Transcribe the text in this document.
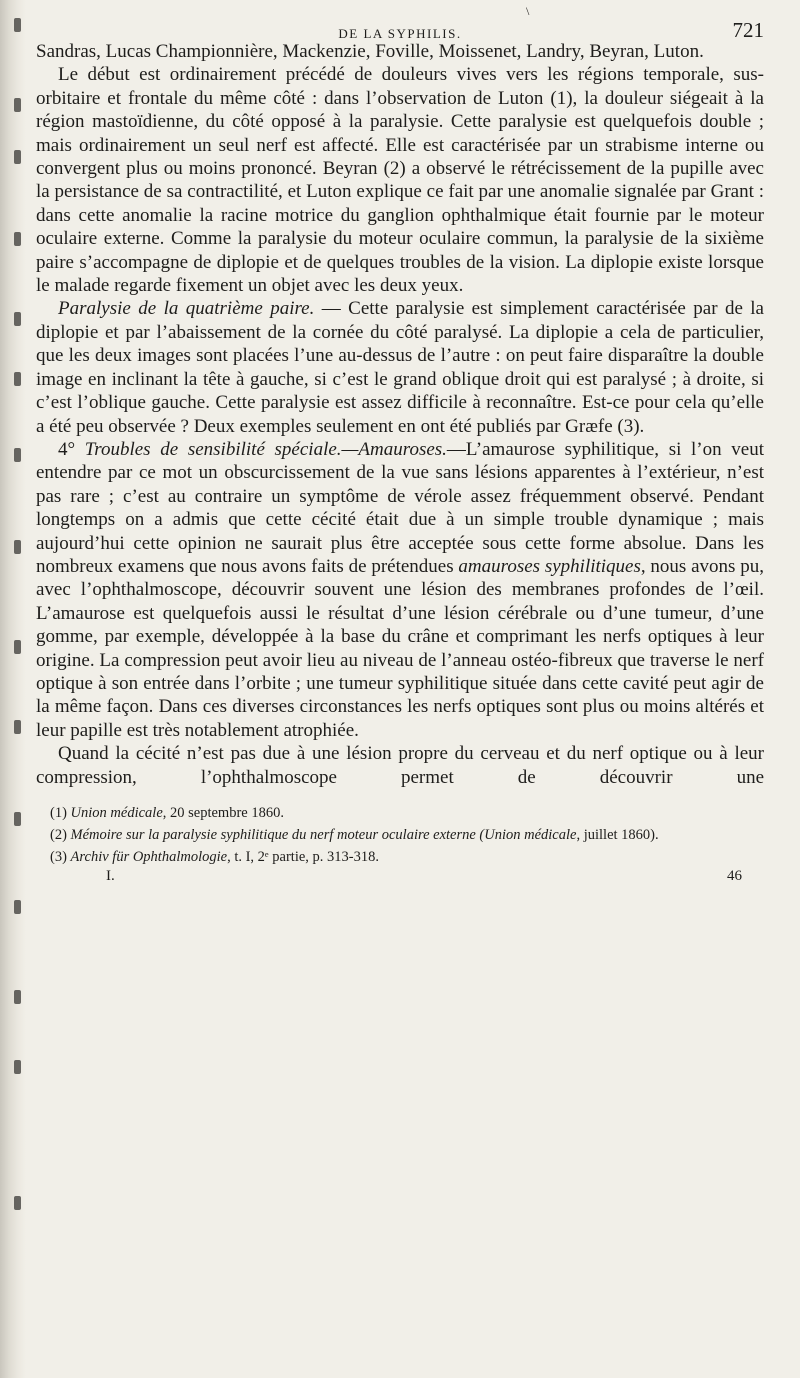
\
DE LA SYPHILIS.	721

Sandras, Lucas Championnière, Mackenzie, Foville, Moissenet, Landry, Beyran, Luton.

Le début est ordinairement précédé de douleurs vives vers les régions temporale, sus-orbitaire et frontale du même côté : dans l’observation de Luton (1), la douleur siégeait à la région mastoïdienne, du côté opposé à la paralysie. Cette paralysie est quelquefois double ; mais ordinairement un seul nerf est affecté. Elle est caractérisée par un strabisme interne ou convergent plus ou moins prononcé. Beyran (2) a observé le rétrécissement de la pupille avec la persistance de sa contractilité, et Luton explique ce fait par une anomalie signalée par Grant : dans cette anomalie la racine motrice du ganglion ophthalmique était fournie par le moteur oculaire externe. Comme la paralysie du moteur oculaire commun, la paralysie de la sixième paire s’accompagne de diplopie et de quelques troubles de la vision. La diplopie existe lorsque le malade regarde fixement un objet avec les deux yeux.

Paralysie de la quatrième paire. — Cette paralysie est simplement caractérisée par de la diplopie et par l’abaissement de la cornée du côté paralysé. La diplopie a cela de particulier, que les deux images sont placées l’une au-dessus de l’autre : on peut faire disparaître la double image en inclinant la tête à gauche, si c’est le grand oblique droit qui est paralysé ; à droite, si c’est l’oblique gauche. Cette paralysie est assez difficile à reconnaître. Est-ce pour cela qu’elle a été peu observée ? Deux exemples seulement en ont été publiés par Græfe (3).

4° Troubles de sensibilité spéciale.—Amauroses.—L’amaurose syphilitique, si l’on veut entendre par ce mot un obscurcissement de la vue sans lésions apparentes à l’extérieur, n’est pas rare ; c’est au contraire un symptôme de vérole assez fréquemment observé. Pendant longtemps on a admis que cette cécité était due à un simple trouble dynamique ; mais aujourd’hui cette opinion ne saurait plus être acceptée sous cette forme absolue. Dans les nombreux examens que nous avons faits de prétendues amauroses syphilitiques, nous avons pu, avec l’ophthalmoscope, découvrir souvent une lésion des membranes profondes de l’œil. L’amaurose est quelquefois aussi le résultat d’une lésion cérébrale ou d’une tumeur, d’une gomme, par exemple, développée à la base du crâne et comprimant les nerfs optiques à leur origine. La compression peut avoir lieu au niveau de l’anneau ostéo-fibreux que traverse le nerf optique à son entrée dans l’orbite ; une tumeur syphilitique située dans cette cavité peut agir de la même façon. Dans ces diverses circonstances les nerfs optiques sont plus ou moins altérés et leur papille est très notablement atrophiée.

Quand la cécité n’est pas due à une lésion propre du cerveau et du nerf optique ou à leur compression, l’ophthalmoscope permet de découvrir une

(1) Union médicale, 20 septembre 1860.
(2) Mémoire sur la paralysie syphilitique du nerf moteur oculaire externe (Union médicale, juillet 1860).
(3) Archiv für Ophthalmologie, t. I, 2ᵉ partie, p. 313-318.
I.	46
